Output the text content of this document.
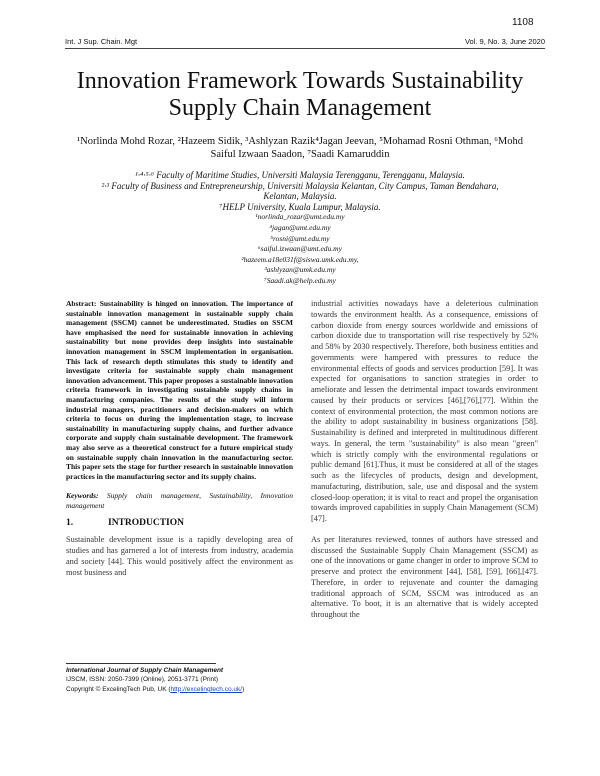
1108
Int. J Sup. Chain. Mgt	Vol. 9, No. 3, June 2020
Innovation Framework Towards Sustainability Supply Chain Management
¹Norlinda Mohd Rozar, ²Hazeem Sidik, ³Ashlyzan Razik⁴Jagan Jeevan, ⁵Mohamad Rosni Othman, ⁶Mohd
Saiful Izwaan Saadon, ⁷Saadi Kamaruddin
¹·⁴·⁵·⁶ Faculty of Maritime Studies, Universiti Malaysia Terengganu, Terengganu, Malaysia.
²·³ Faculty of Business and Entrepreneurship, Universiti Malaysia Kelantan, City Campus, Taman Bendahara,
Kelantan, Malaysia.
⁷HELP University, Kuala Lumpur, Malaysia.
¹norlinda_rozar@umt.edu.my
⁴jagan@umt.edu.my
⁵rosni@umt.edu.my
⁶saiful.izwaan@umt.edu.my
²hazeem.a18e031f@siswa.umk.edu.my,
³ashlyzan@umk.edu.my
⁷Saadi.ak@help.edu.my
Abstract: Sustainability is hinged on innovation. The importance of sustainable innovation management in sustainable supply chain management (SSCM) cannot be underestimated. Studies on SSCM have emphasised the need for sustainable innovation in achieving sustainability but none provides deep insights into sustainable innovation management in SSCM implementation in organisation. This lack of research depth stimulates this study to identify and investigate criteria for sustainable supply chain management innovation advancement. This paper proposes a sustainable innovation criteria framework in investigating sustainable supply chains in manufacturing companies. The results of the study will inform industrial managers, practitioners and decision-makers on which criteria to focus on during the implementation stage, to increase sustainability in manufacturing supply chains, and further advance corporate and supply chain sustainable development. The framework may also serve as a theoretical construct for a future empirical study on sustainable supply chain innovation in the manufacturing sector. This paper sets the stage for further research in sustainable innovation practices in the manufacturing sector and its supply chains.
Keywords: Supply chain management, Sustainability, Innovation management
1.	INTRODUCTION
Sustainable development issue is a rapidly developing area of studies and has garnered a lot of interests from industry, academia and society [44]. This would positively affect the environment as most business and

industrial activities nowadays have a deleterious culmination towards the environment health. As a consequence, emissions of carbon dioxide from energy sources worldwide and emissions of carbon dioxide due to transportation will rise respectively by 52% and 58% by 2030 respectively. Therefore, both business entities and governments were hampered with pressures to reduce the environmental effects of goods and services production [59]. It was expected for organisations to sanction strategies in order to ameliorate and lessen the detrimental impact towards environment caused by their products or services [46],[76],[77]. Within the context of environmental protection, the most common notions are the ability to adopt sustainability in business organizations [58]. Sustainability is defined and interpreted in multitudinous different ways. In general, the term "sustainability" is also mean "green" which is strictly comply with the environmental regulations or public demand [61].Thus, it must be considered at all of the stages such as the lifecycles of products, design and development, manufacturing, distribution, sale, use and disposal and the system closed-loop operation; it is vital to react and propel the organisation towards improved capabilities in supply Chain Management (SCM) [47].

As per literatures reviewed, tonnes of authors have stressed and discussed the Sustainable Supply Chain Management (SSCM) as one of the innovations or game changer in order to improve SCM to preserve and protect the environment [44], [58], [59], [66],[47]. Therefore, in order to rejuvenate and counter the damaging traditional approach of SCM, SSCM was introduced as an alternative. To boot, it is an alternative that is widely accepted throughout the

International Journal of Supply Chain Management
IJSCM, ISSN: 2050-7399 (Online), 2051-3771 (Print)
Copyright © ExcelingTech Pub, UK (http://excelingtech.co.uk/)
